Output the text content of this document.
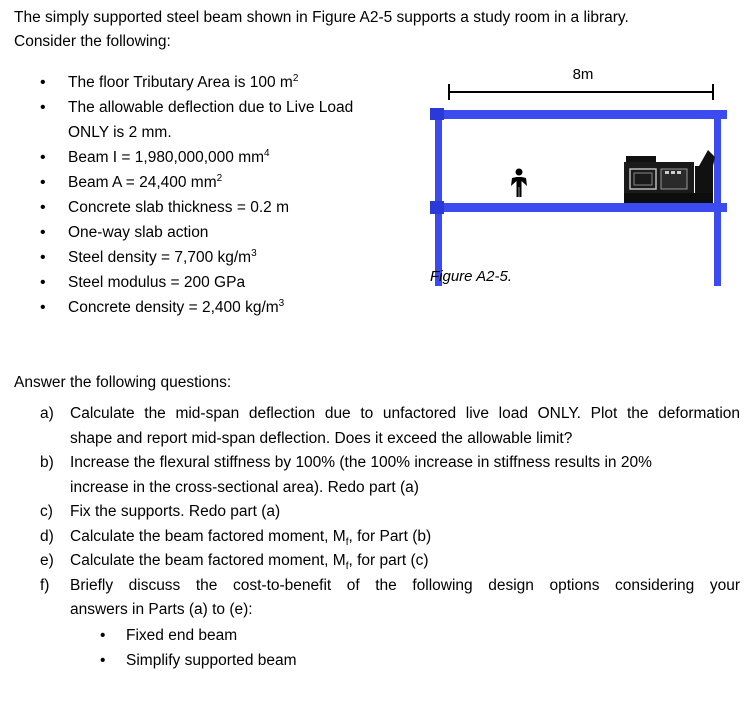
The simply supported steel beam shown in Figure A2-5 supports a study room in a library.
Consider the following:
• The floor Tributary Area is 100 $m^2$
• The allowable deflection due to Live Load
ONLY is 2 mm.
• Beam I = 1,980,000,000 $mm^4$
• Beam A = 24,400 $mm^2$
• Concrete slab thickness = 0.2 m
• One-way slab action
• Steel density = 7,700 $kg/m^3$
• Steel modulus = 200 GPa
• Concrete density = 2,400 $kg/m^3$
8m
Figure A2-5.
Answer the following questions:
a) Calculate the mid-span deflection due to unfactored live load ONLY. Plot the deformation
shape and report mid-span deflection. Does it exceed the allowable limit?
b) Increase the flexural stiffness by 100% (the 100% increase in stiffness results in 20%
increase in the cross-sectional area). Redo part (a)
c) Fix the supports. Redo part (a)
d) Calculate the beam factored moment, $M_f$, for Part (b)
e) Calculate the beam factored moment, $M_f$, for part (c)
f) Briefly discuss the cost-to-benefit of the following design options considering your
answers in Parts (a) to (e):
• Fixed end beam
• Simplify supported beam
